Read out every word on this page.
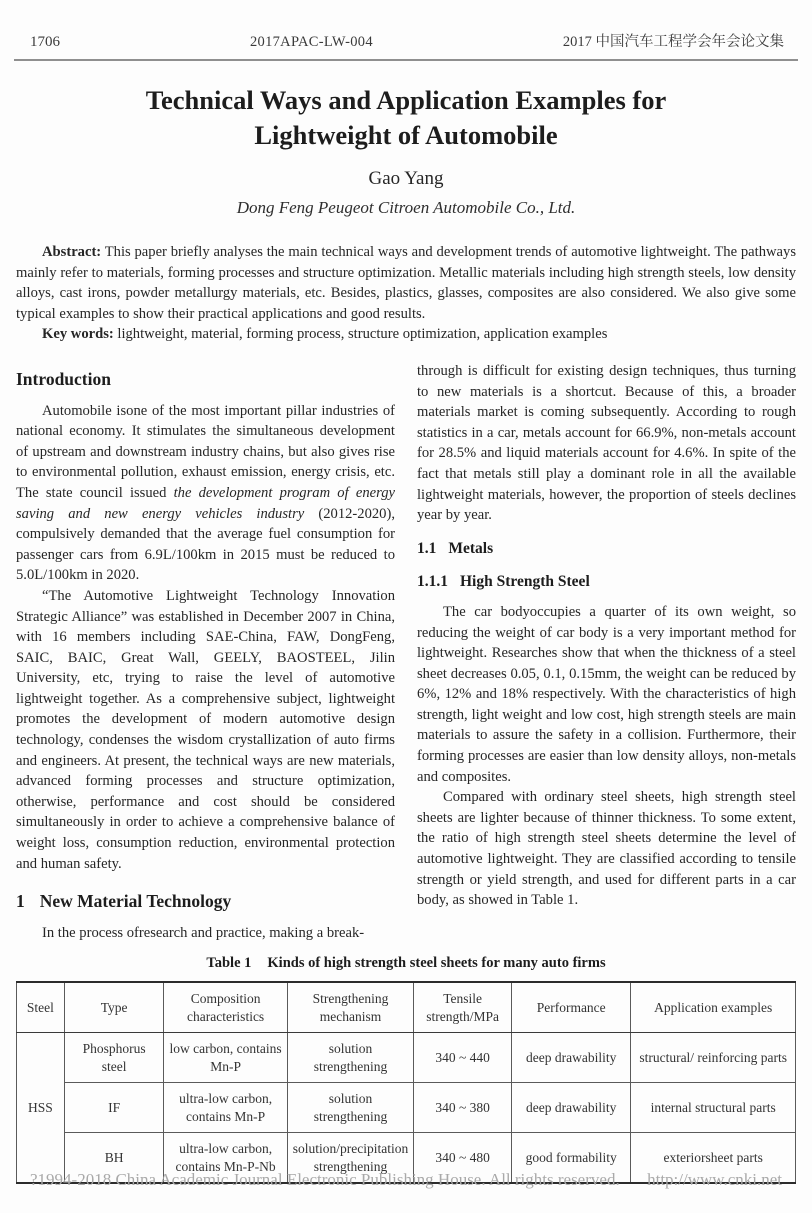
1706	2017APAC-LW-004	2017 中国汽车工程学会年会论文集
Technical Ways and Application Examples for
Lightweight of Automobile
Gao Yang
Dong Feng Peugeot Citroen Automobile Co., Ltd.

Abstract: This paper briefly analyses the main technical ways and development trends of automotive lightweight. The pathways mainly refer to materials, forming processes and structure optimization. Metallic materials including high strength steels, low density alloys, cast irons, powder metallurgy materials, etc. Besides, plastics, glasses, composites are also considered. We also give some typical examples to show their practical applications and good results.

Key words: lightweight, material, forming process, structure optimization, application examples

Introduction

Automobile isone of the most important pillar industries of national economy. It stimulates the simultaneous development of upstream and downstream industry chains, but also gives rise to environmental pollution, exhaust emission, energy crisis, etc. The state council issued the development program of energy saving and new energy vehicles industry (2012-2020), compulsively demanded that the average fuel consumption for passenger cars from 6.9L/100km in 2015 must be reduced to 5.0L/100km in 2020.

“The Automotive Lightweight Technology Innovation Strategic Alliance” was established in December 2007 in China, with 16 members including SAE-China, FAW, DongFeng, SAIC, BAIC, Great Wall, GEELY, BAOSTEEL, Jilin University, etc, trying to raise the level of automotive lightweight together. As a comprehensive subject, lightweight promotes the development of modern automotive design technology, condenses the wisdom crystallization of auto firms and engineers. At present, the technical ways are new materials, advanced forming processes and structure optimization, otherwise, performance and cost should be considered simultaneously in order to achieve a comprehensive balance of weight loss, consumption reduction, environmental protection and human safety.

1 New Material Technology

In the process ofresearch and practice, making a break-

through is difficult for existing design techniques, thus turning to new materials is a shortcut. Because of this, a broader materials market is coming subsequently. According to rough statistics in a car, metals account for 66.9%, non-metals account for 28.5% and liquid materials account for 4.6%. In spite of the fact that metals still play a dominant role in all the available lightweight materials, however, the proportion of steels declines year by year.

1.1 Metals
1.1.1 High Strength Steel

The car bodyoccupies a quarter of its own weight, so reducing the weight of car body is a very important method for lightweight. Researches show that when the thickness of a steel sheet decreases 0.05, 0.1, 0.15mm, the weight can be reduced by 6%, 12% and 18% respectively. With the characteristics of high strength, light weight and low cost, high strength steels are main materials to assure the safety in a collision. Furthermore, their forming processes are easier than low density alloys, non-metals and composites.

Compared with ordinary steel sheets, high strength steel sheets are lighter because of thinner thickness. To some extent, the ratio of high strength steel sheets determine the level of automotive lightweight. They are classified according to tensile strength or yield strength, and used for different parts in a car body, as showed in Table 1.

Table 1 Kinds of high strength steel sheets for many auto firms
Steel	Type	Composition characteristics	Strengthening mechanism	Tensile strength/MPa	Performance	Application examples
HSS	Phosphorus steel	low carbon, contains Mn-P	solution strengthening	340 ~ 440	deep drawability	structural/ reinforcing parts
	IF	ultra-low carbon, contains Mn-P	solution strengthening	340 ~ 380	deep drawability	internal structural parts
	BH	ultra-low carbon, contains Mn-P-Nb	solution/precipitation strengthening	340 ~ 480	good formability	exteriorsheet parts
?1994-2018 China Academic Journal Electronic Publishing House. All rights reserved. http://www.cnki.net
